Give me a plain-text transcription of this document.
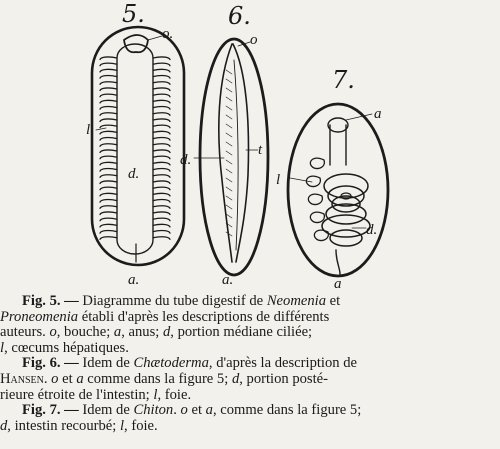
5.
o.
l
d.
a.
6.
o
d.
t
a.
7.
a
l
d.
a
Fig. 5. — Diagramme du tube digestif de Neomenia et
Proneomenia établi d'après les descriptions de différents
auteurs. o, bouche; a, anus; d, portion médiane ciliée;
l, cœcums hépatiques.
Fig. 6. — Idem de Chætoderma, d'après la description de
Hansen. o et a comme dans la figure 5; d, portion posté-
rieure étroite de l'intestin; l, foie.
Fig. 7. — Idem de Chiton. o et a, comme dans la figure 5;
d, intestin recourbé; l, foie.
